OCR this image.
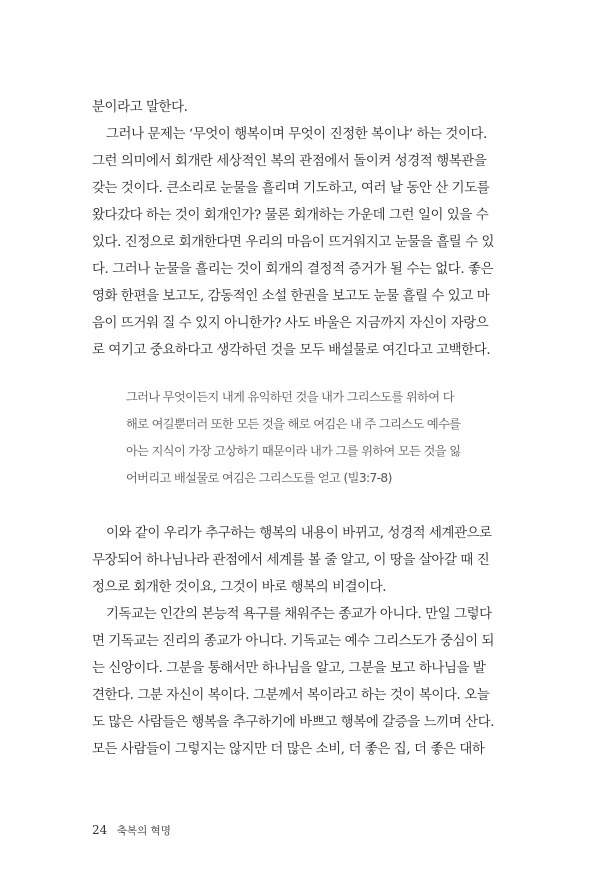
분이라고 말한다.
그러나 문제는 ‘무엇이 행복이며 무엇이 진정한 복이냐’ 하는 것이다.
그런 의미에서 회개란 세상적인 복의 관점에서 돌이켜 성경적 행복관을
갖는 것이다. 큰소리로 눈물을 흘리며 기도하고, 여러 날 동안 산 기도를
왔다갔다 하는 것이 회개인가? 물론 회개하는 가운데 그런 일이 있을 수
있다. 진정으로 회개한다면 우리의 마음이 뜨거워지고 눈물을 흘릴 수 있
다. 그러나 눈물을 흘리는 것이 회개의 결정적 증거가 될 수는 없다. 좋은
영화 한편을 보고도, 감동적인 소설 한권을 보고도 눈물 흘릴 수 있고 마
음이 뜨거워 질 수 있지 아니한가? 사도 바울은 지금까지 자신이 자랑으
로 여기고 중요하다고 생각하던 것을 모두 배설물로 여긴다고 고백한다.
그러나 무엇이든지 내게 유익하던 것을 내가 그리스도를 위하여 다
해로 여길뿐더러 또한 모든 것을 해로 여김은 내 주 그리스도 예수를
아는 지식이 가장 고상하기 때문이라 내가 그를 위하여 모든 것을 잃
어버리고 배설물로 여김은 그리스도를 얻고 (빌3:7-8)
이와 같이 우리가 추구하는 행복의 내용이 바뀌고, 성경적 세계관으로
무장되어 하나님나라 관점에서 세계를 볼 줄 알고, 이 땅을 살아갈 때 진
정으로 회개한 것이요, 그것이 바로 행복의 비결이다.
기독교는 인간의 본능적 욕구를 채워주는 종교가 아니다. 만일 그렇다
면 기독교는 진리의 종교가 아니다. 기독교는 예수 그리스도가 중심이 되
는 신앙이다. 그분을 통해서만 하나님을 알고, 그분을 보고 하나님을 발
견한다. 그분 자신이 복이다. 그분께서 복이라고 하는 것이 복이다. 오늘
도 많은 사람들은 행복을 추구하기에 바쁘고 행복에 갈증을 느끼며 산다.
모든 사람들이 그렇지는 않지만 더 많은 소비, 더 좋은 집, 더 좋은 대하
24 축복의 혁명
